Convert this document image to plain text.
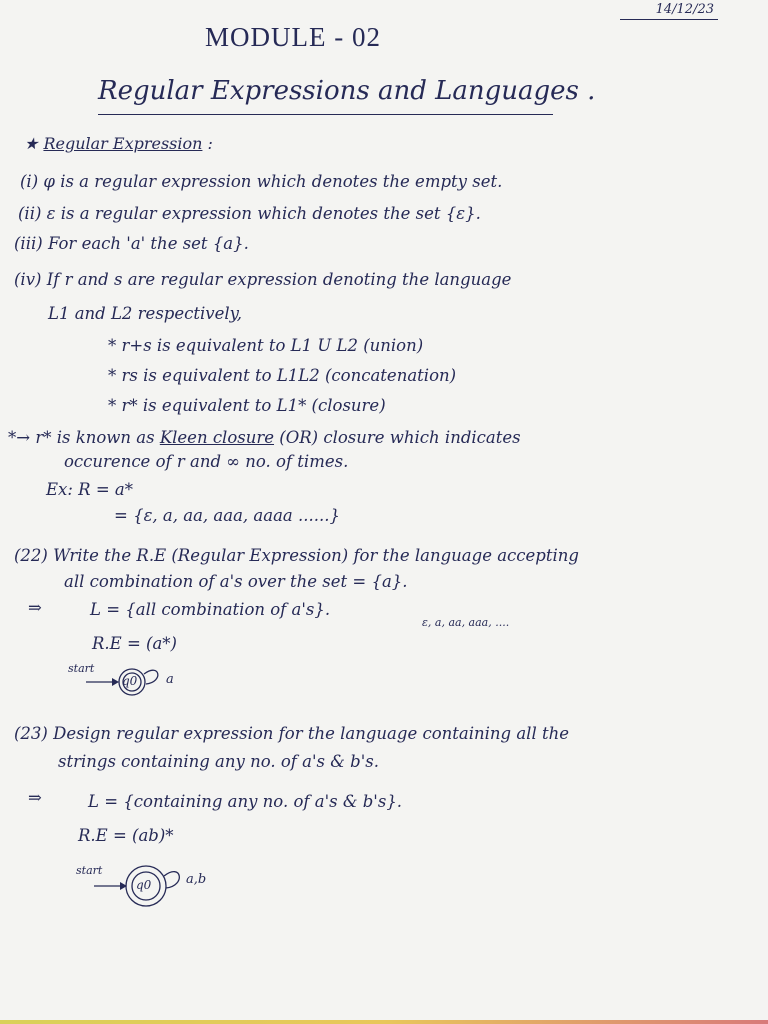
14/12/23
MODULE - 02
Regular Expressions and Languages .
★ Regular Expression :
(i) φ is a regular expression which denotes the empty set.
(ii) ε is a regular expression which denotes the set {ε}.
(iii) For each 'a' the set {a}.
(iv) If r and s are regular expression denoting the language
L1 and L2 respectively,
* r+s is equivalent to L1 U L2 (union)
* rs is equivalent to L1L2 (concatenation)
* r* is equivalent to L1* (closure)
*→ r* is known as Kleen closure (OR) closure which indicates
occurence of r and ∞ no. of times.
Ex: R = a*
= {ε, a, aa, aaa, aaaa ......}
(22) Write the R.E (Regular Expression) for the language accepting
all combination of a's over the set = {a}.
⇒	L = {all combination of a's}.
ε, a, aa, aaa, ....
R.E = (a*)
start
q0 a
(23) Design regular expression for the language containing all the
strings containing any no. of a's & b's.
⇒	L = {containing any no. of a's & b's}.
R.E = (ab)*
start
q0	a,b
